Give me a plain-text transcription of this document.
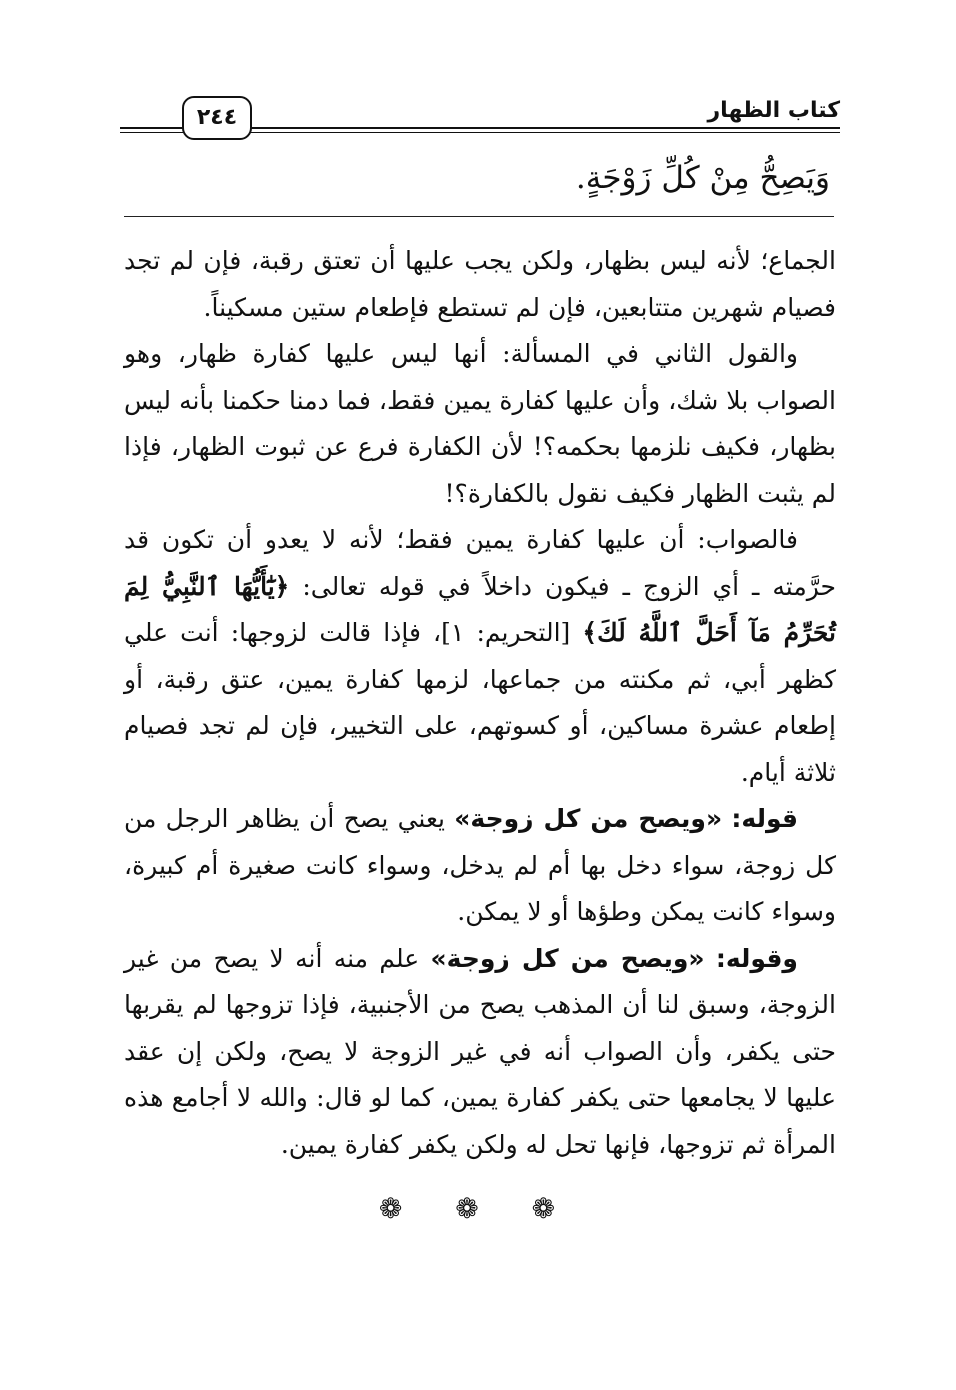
كتاب الظهار
٢٤٤
وَيَصِحُّ مِنْ كُلِّ زَوْجَةٍ.

الجماع؛ لأنه ليس بظهار، ولكن يجب عليها أن تعتق رقبة، فإن لم تجد فصيام شهرين متتابعين، فإن لم تستطع فإطعام ستين مسكيناً.

والقول الثاني في المسألة: أنها ليس عليها كفارة ظهار، وهو الصواب بلا شك، وأن عليها كفارة يمين فقط، فما دمنا حكمنا بأنه ليس بظهار، فكيف نلزمها بحكمه؟! لأن الكفارة فرع عن ثبوت الظهار، فإذا لم يثبت الظهار فكيف نقول بالكفارة؟!

فالصواب: أن عليها كفارة يمين فقط؛ لأنه لا يعدو أن تكون قد حرَّمته ـ أي الزوج ـ فيكون داخلاً في قوله تعالى: ﴿يَٰٓأَيُّهَا ٱلنَّبِيُّ لِمَ تُحَرِّمُ مَآ أَحَلَّ ٱللَّهُ لَكَ﴾ [التحريم: ١]، فإذا قالت لزوجها: أنت علي كظهر أبي، ثم مكنته من جماعها، لزمها كفارة يمين، عتق رقبة، أو إطعام عشرة مساكين، أو كسوتهم، على التخيير، فإن لم تجد فصيام ثلاثة أيام.

قوله: «ويصح من كل زوجة» يعني يصح أن يظاهر الرجل من كل زوجة، سواء دخل بها أم لم يدخل، وسواء كانت صغيرة أم كبيرة، وسواء كانت يمكن وطؤها أو لا يمكن.

وقوله: «ويصح من كل زوجة» علم منه أنه لا يصح من غير الزوجة، وسبق لنا أن المذهب يصح من الأجنبية، فإذا تزوجها لم يقربها حتى يكفر، وأن الصواب أنه في غير الزوجة لا يصح، ولكن إن عقد عليها لا يجامعها حتى يكفر كفارة يمين، كما لو قال: والله لا أجامع هذه المرأة ثم تزوجها، فإنها تحل له ولكن يكفر كفارة يمين.

❁ ❁ ❁
